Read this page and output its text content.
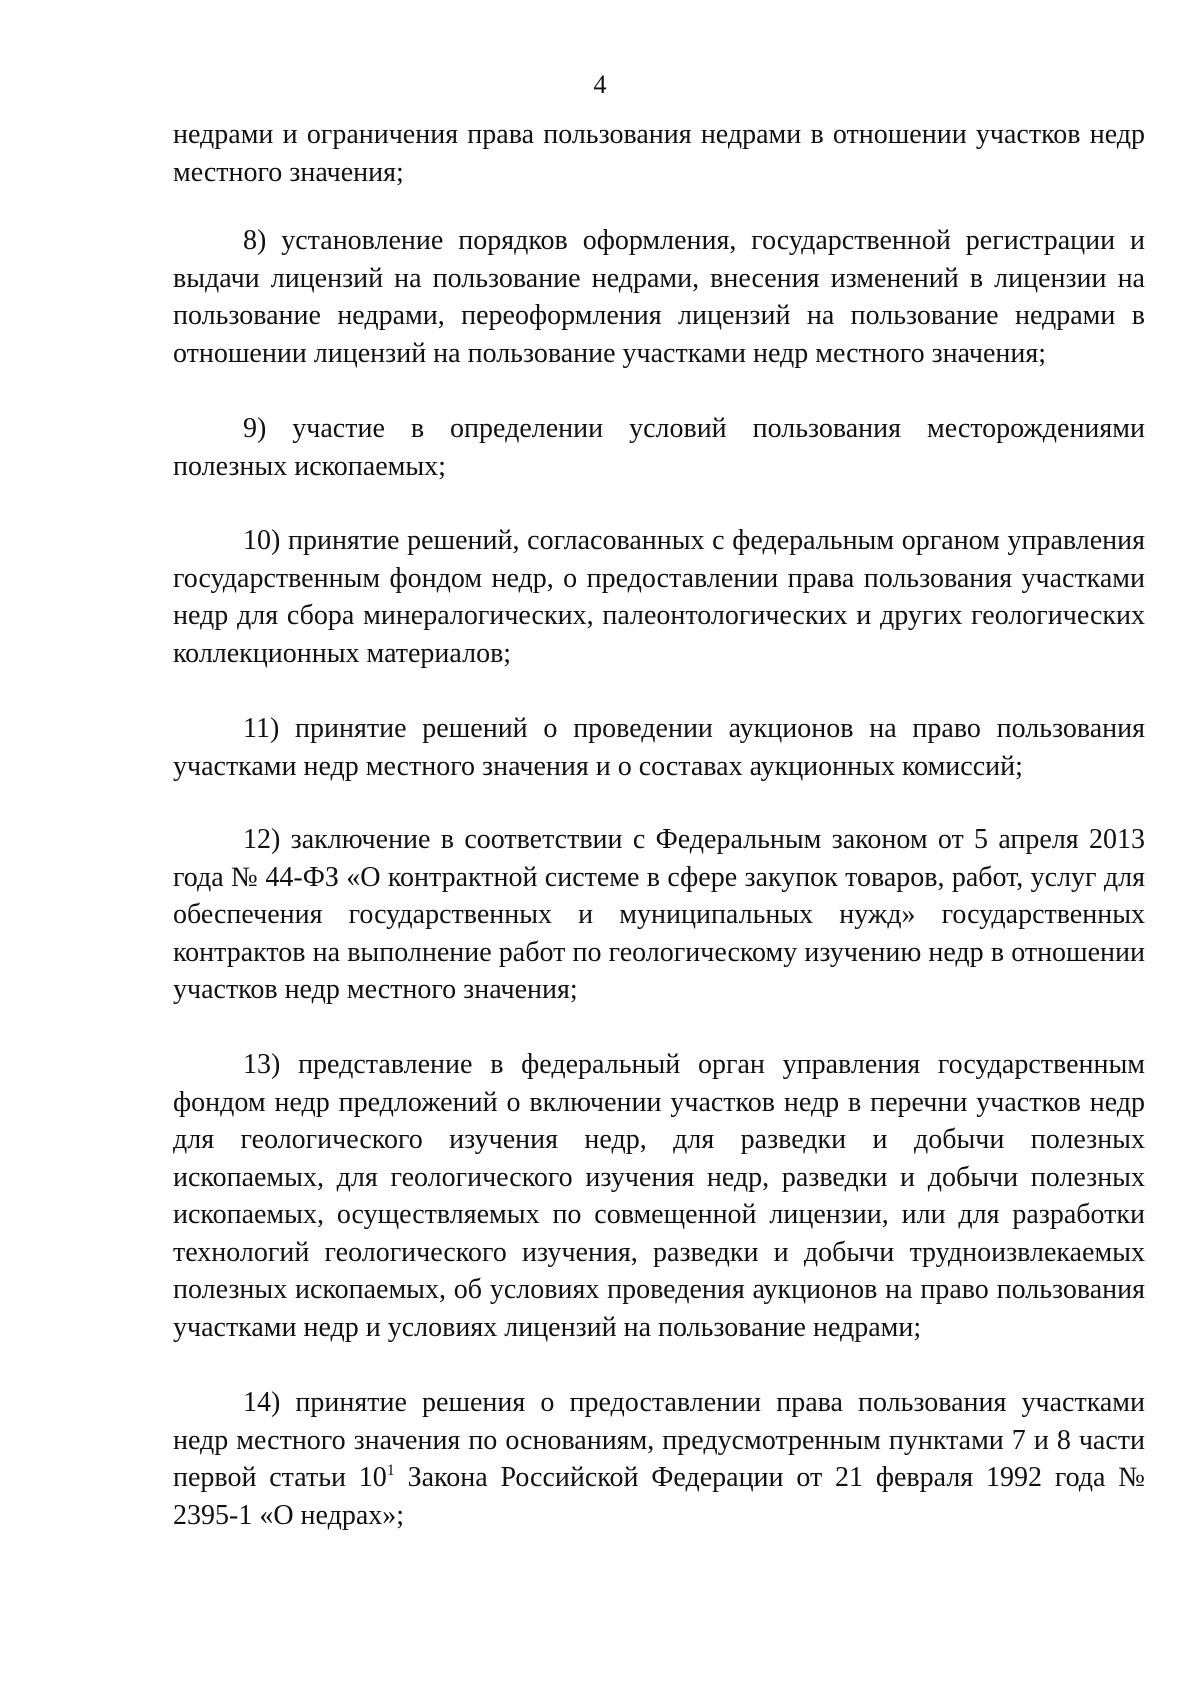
4

недрами и ограничения права пользования недрами в отношении участков недр местного значения;

8) установление порядков оформления, государственной регистрации и выдачи лицензий на пользование недрами, внесения изменений в лицензии на пользование недрами, переоформления лицензий на пользование недрами в отношении лицензий на пользование участками недр местного значения;

9) участие в определении условий пользования месторождениями полезных ископаемых;

10) принятие решений, согласованных с федеральным органом управления государственным фондом недр, о предоставлении права пользования участками недр для сбора минералогических, палеонтологических и других геологических коллекционных материалов;

11) принятие решений о проведении аукционов на право пользования участками недр местного значения и о составах аукционных комиссий;

12) заключение в соответствии с Федеральным законом от 5 апреля 2013 года № 44-ФЗ «О контрактной системе в сфере закупок товаров, работ, услуг для обеспечения государственных и муниципальных нужд» государственных контрактов на выполнение работ по геологическому изучению недр в отношении участков недр местного значения;

13) представление в федеральный орган управления государственным фондом недр предложений о включении участков недр в перечни участков недр для геологического изучения недр, для разведки и добычи полезных ископаемых, для геологического изучения недр, разведки и добычи полезных ископаемых, осуществляемых по совмещенной лицензии, или для разработки технологий геологического изучения, разведки и добычи трудноизвлекаемых полезных ископаемых, об условиях проведения аукционов на право пользования участками недр и условиях лицензий на пользование недрами;

14) принятие решения о предоставлении права пользования участками недр местного значения по основаниям, предусмотренным пунктами 7 и 8 части первой статьи $10^1$ Закона Российской Федерации от 21 февраля 1992 года № 2395-1 «О недрах»;
